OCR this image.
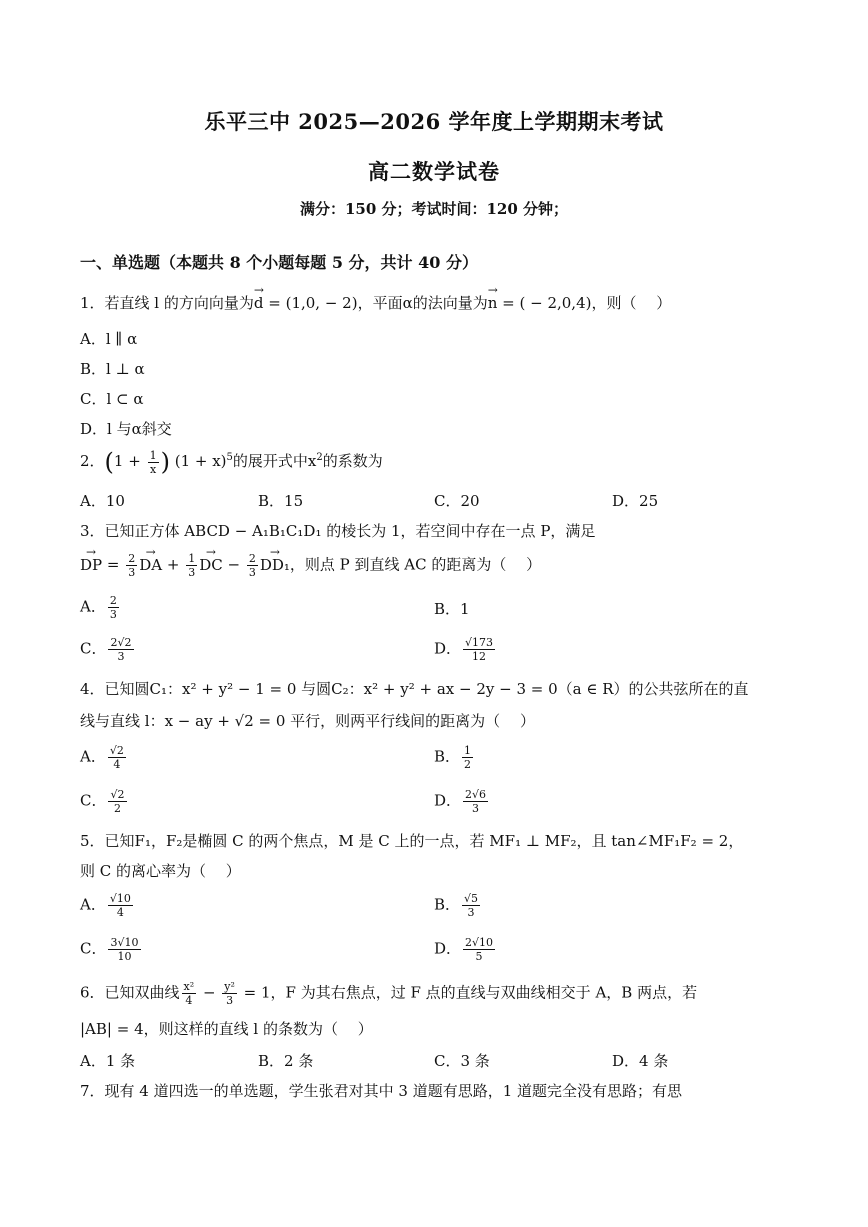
乐平三中 2025—2026 学年度上学期期末考试
高二数学试卷
满分：150 分；考试时间：120 分钟；
一、单选题（本题共 8 个小题每题 5 分，共计 40 分）
1．若直线 l 的方向向量为→ d = (1,0, − 2)，平面α的法向量为→ n = ( − 2,0,4)，则（　 ）
A．l ∥ α
B．l ⊥ α
C．l ⊂ α
D．l 与α斜交
2．($1 + \frac{1}{x}$ ) $(1 + x)^5$的展开式中$x^2$的系数为
A．10	B．15	C．20	D．25
3．已知正方体 ABCD − A₁B₁C₁D₁ 的棱长为 1，若空间中存在一点 P，满足
→ DP = $\frac{2}{3}$
→ DA + $\frac{1}{3}$
→ DC − $\frac{2}{3}$
→ DD₁，则点 P 到直线 AC 的距离为（　 ）
A． $\frac{2}{3}$	B．1
C． $\frac{2√2}{3}$	D． $\frac{√173}{12}$
4．已知圆C₁：x² + y² − 1 = 0 与圆C₂：x² + y² + ax − 2y − 3 = 0（a ∈ R）的公共弦所在的直
线与直线 l：x − ay + √2 = 0 平行，则两平行线间的距离为（　 ）
A． $\frac{√2}{4}$	B． $\frac{1}{2}$
C． $\frac{√2}{2}$	D． $\frac{2√6}{3}$
5．已知F₁，F₂是椭圆 C 的两个焦点，M 是 C 上的一点，若 MF₁ ⊥ MF₂，且 tan∠MF₁F₂ = 2，
则 C 的离心率为（　 ）
A． $\frac{√10}{4}$	B． $\frac{√5}{3}$
C． $\frac{3√10}{10}$	D． $\frac{2√10}{5}$
6．已知双曲线 $\frac{\text{x²}}{4} - \frac{\text{y²}}{3} = 1$，F 为其右焦点，过 F 点的直线与双曲线相交于 A，B 两点，若
|AB| = 4，则这样的直线 l 的条数为（　 ）
A．1 条	B．2 条	C．3 条	D．4 条
7．现有 4 道四选一的单选题，学生张君对其中 3 道题有思路，1 道题完全没有思路；有思
